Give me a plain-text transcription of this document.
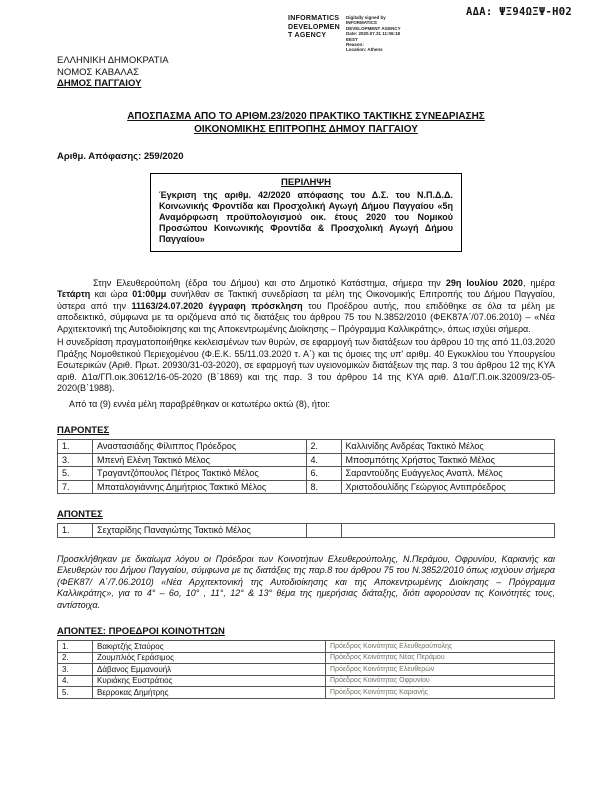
ΑΔΑ: ΨΞ94ΩΞΨ-ΗΘ2
INFORMATICS
DEVELOPMEN
T AGENCY
Digitally signed by
INFORMATICS
DEVELOPMENT AGENCY
Date: 2020.07.31 11:06:18
EEST
Reason:
Location: Athens
ΕΛΛΗΝΙΚΗ ΔΗΜΟΚΡΑΤΙΑ
ΝΟΜΟΣ ΚΑΒΑΛΑΣ
ΔΗΜΟΣ ΠΑΓΓΑΙΟΥ
ΑΠΟΣΠΑΣΜΑ ΑΠΟ ΤΟ ΑΡΙΘΜ.23/2020 ΠΡΑΚΤΙΚΟ ΤΑΚΤΙΚΗΣ ΣΥΝΕΔΡΙΑΣΗΣ
ΟΙΚΟΝΟΜΙΚΗΣ ΕΠΙΤΡΟΠΗΣ ΔΗΜΟΥ ΠΑΓΓΑΙΟΥ
Αριθμ. Απόφασης: 259/2020
ΠΕΡΙΛΗΨΗ
Έγκριση της αριθμ. 42/2020 απόφασης του Δ.Σ. του Ν.Π.Δ.Δ. Κοινωνικής Φροντίδα και Προσχολική Αγωγή Δήμου Παγγαίου «5η Αναμόρφωση προϋπολογισμού οικ. έτους 2020 του Νομικού Προσώπου Κοινωνικής Φροντίδα & Προσχολική Αγωγή Δήμου Παγγαίου»

Στην Ελευθερούπολη (έδρα του Δήμου) και στο Δημοτικό Κατάστημα, σήμερα την 29η Ιουλίου 2020, ημέρα Τετάρτη και ώρα 01:00μμ συνήλθαν σε Τακτική συνεδρίαση τα μέλη της Οικονομικής Επιτροπής του Δήμου Παγγαίου, ύστερα από την 11163/24.07.2020 έγγραφη πρόσκληση του Προέδρου αυτής, που επιδόθηκε σε όλα τα μέλη με αποδεικτικό, σύμφωνα με τα οριζόμενα από τις διατάξεις του άρθρου 75 του Ν.3852/2010 (ΦΕΚ87Α΄/07.06.2010) – «Νέα Αρχιτεκτονική της Αυτοδιοίκησης και της Αποκεντρωμένης Διοίκησης – Πρόγραμμα Καλλικράτης», όπως ισχύει σήμερα.

Η συνεδρίαση πραγματοποιήθηκε κεκλεισμένων των θυρών, σε εφαρμογή των διατάξεων του άρθρου 10 της από 11.03.2020 Πράξης Νομοθετικού Περιεχομένου (Φ.Ε.Κ. 55/11.03.2020 τ. Α΄) και τις όμοιες της υπ' αριθμ. 40 Εγκυκλίου του Υπουργείου Εσωτερικών (Αριθ. Πρωτ. 20930/31-03-2020), σε εφαρμογή των υγειονομικών διατάξεων της παρ. 3 του άρθρου 12 της ΚΥΑ αριθ. Δ1α/ΓΠ.οικ.30612/16-05-2020 (Β΄1869) και της παρ. 3 του άρθρου 14 της ΚΥΑ αριθ. Δ1α/Γ.Π.οικ.32009/23-05-2020(Β΄1988).

Από τα (9) εννέα μέλη παραβρέθηκαν οι κατωτέρω οκτώ (8), ήτοι:

ΠΑΡΟΝΤΕΣ
1.	Αναστασιάδης Φίλιππος Πρόεδρος	2.	Καλλινίδης Ανδρέας Τακτικό Μέλος
3.	Μπενή Ελένη Τακτικό Μέλος	4.	Μποσμπότης Χρήστος Τακτικό Μέλος
5.	Τραγαντζόπουλος Πέτρος Τακτικό Μέλος	6.	Σαραντούδης Ευάγγελος Αναπλ. Μέλος
7.	Μπαταλογιάννης Δημήτριος Τακτικό Μέλος	8.	Χριστοδουλίδης Γεώργιος Αντιπρόεδρος
ΑΠΟΝΤΕΣ
1.	Σεχταρίδης Παναγιώτης Τακτικό Μέλος		

Προσκλήθηκαν με δικαίωμα λόγου οι Πρόεδροι των Κοινοτήτων Ελευθερούπολης, Ν.Περάμου, Οφρυνίου, Καριανής και Ελευθερών του Δήμου Παγγαίου, σύμφωνα με τις διατάξεις της παρ.8 του άρθρου 75 του Ν.3852/2010 όπως ισχύουν σήμερα (ΦΕΚ87/ Α΄/7.06.2010) «Νέα Αρχιτεκτονική της Αυτοδιοίκησης και της Αποκεντρωμένης Διοίκησης – Πρόγραμμα Καλλικράτης», για το 4° – 6ο, 10° , 11°, 12° & 13° θέμα της ημερήσιας διάταξης, διότι αφορούσαν τις Κοινότητές τους, αντίστοιχα.

ΑΠΟΝΤΕΣ: ΠΡΟΕΔΡΟΙ ΚΟΙΝΟΤΗΤΩΝ
1.	Βακιρτζής Σταύρος	Πρόεδρος Κοινότητας Ελευθερούπολης
2.	Ζουμπλιός Γεράσιμος	Πρόεδρος Κοινότητας Νέας Περάμου
3.	Δάβανος Εμμανουήλ	Πρόεδρος Κοινότητας Ελευθερών
4.	Κυριάκης Ευστράτιος	Πρόεδρος Κοινότητας Οφρυνίου
5.	Βερροκας Δημήτρης	Πρόεδρος Κοινότητας Καριανής
